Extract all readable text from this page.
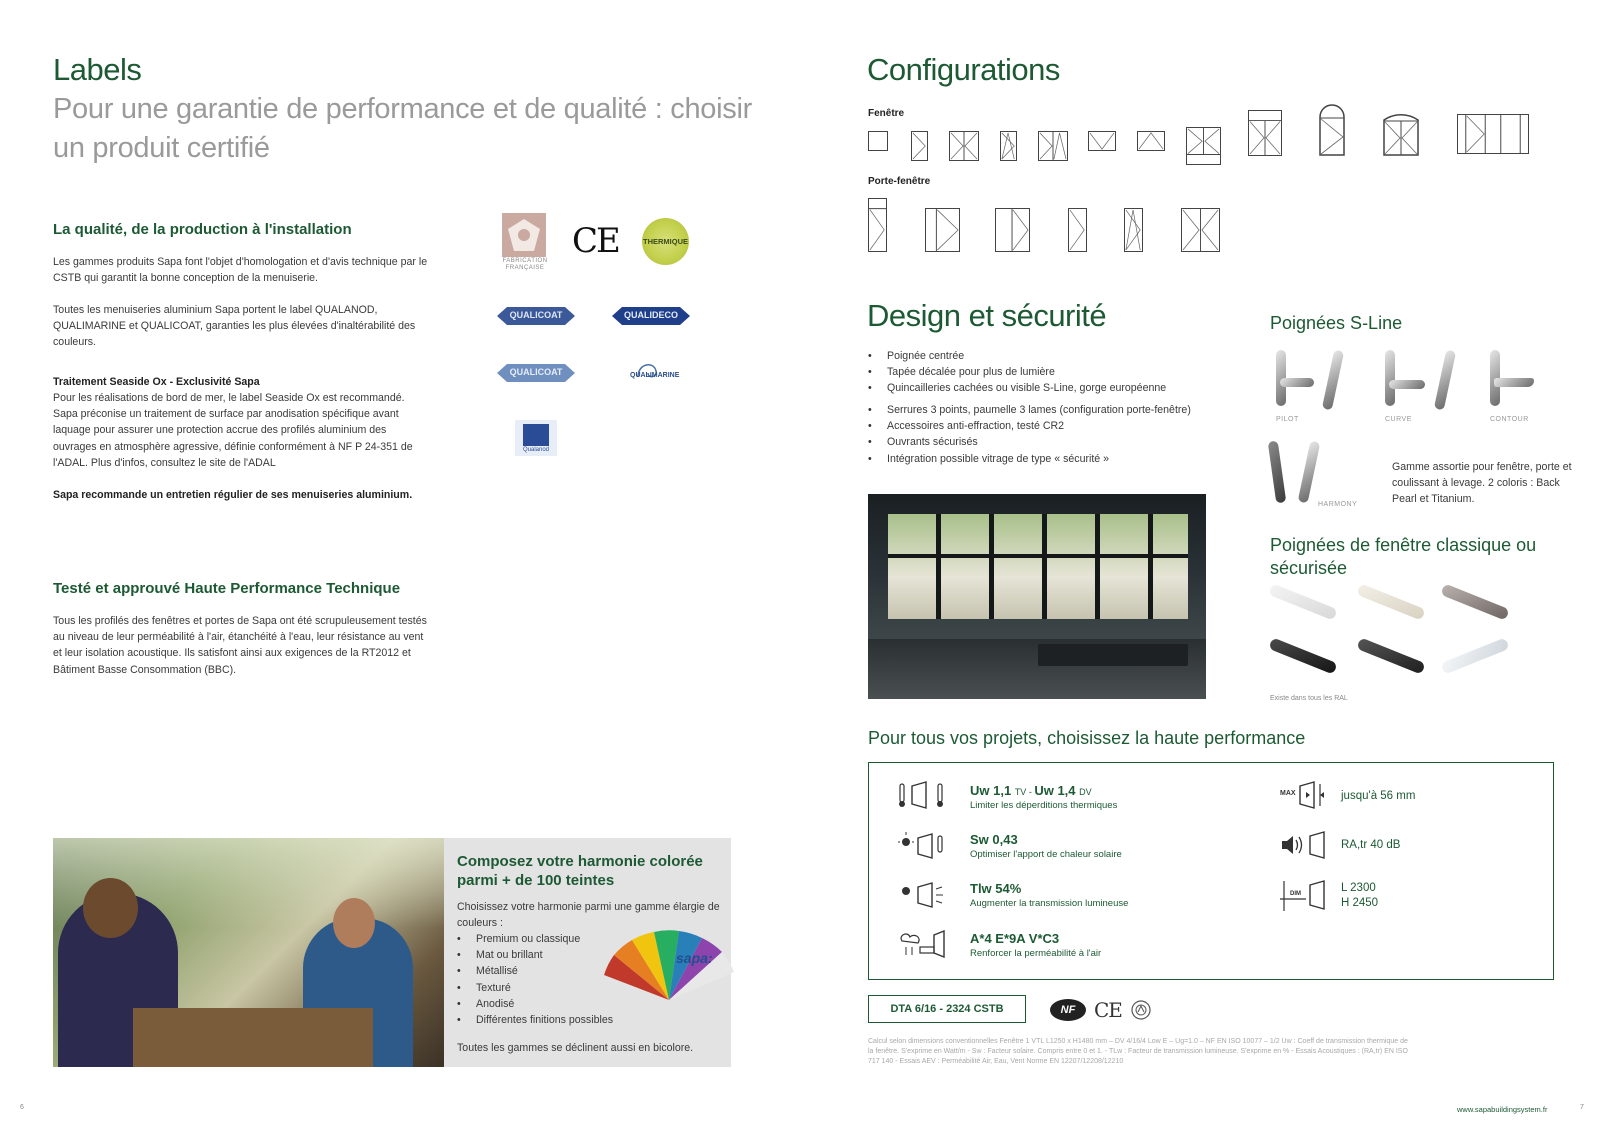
Labels

Pour une garantie de performance et de qualité : choisir un produit certifié

La qualité, de la production à l'installation

Les gammes produits Sapa font l'objet d'homologation et d'avis technique par le CSTB qui garantit la bonne conception de la menuiserie.

Toutes les menuiseries aluminium Sapa portent le label QUALANOD, QUALIMARINE et QUALICOAT, garanties les plus élevées d'inaltérabilité des couleurs.

Traitement Seaside Ox - Exclusivité Sapa

Pour les réalisations de bord de mer, le label Seaside Ox est recommandé. Sapa préconise un traitement de surface par anodisation spécifique avant laquage pour assurer une protection accrue des profilés aluminium des ouvrages en atmosphère agressive, définie conformément à NF P 24-351 de l'ADAL. Plus d'infos, consultez le site de l'ADAL

Sapa recommande un entretien régulier de ses menuiseries aluminium.

FABRICATION FRANÇAISE
CE	THERMIQUE
QUALICOAT	QUALIDECO
QUALICOAT	QUALIMARINE
Qualanod
Testé et approuvé Haute Performance Technique

Tous les profilés des fenêtres et portes de Sapa ont été scrupuleusement testés au niveau de leur perméabilité à l'air, étanchéité à l'eau, leur résistance au vent et leur isolation acoustique. Ils satisfont ainsi aux exigences de la RT2012 et Bâtiment Basse Consommation (BBC).

Composez votre harmonie colorée parmi + de 100 teintes

Choisissez votre harmonie parmi une gamme élargie de couleurs :

• Premium ou classique
• Mat ou brillant
• Métallisé
• Texturé
• Anodisé
• Différentes finitions possibles

Toutes les gammes se déclinent aussi en bicolore.

sapa:
6
Configurations
Fenêtre
Porte-fenêtre
Design et sécurité
• Poignée centrée
• Tapée décalée pour plus de lumière
• Quincailleries cachées ou visible S-Line, gorge européenne
• Serrures 3 points, paumelle 3 lames (configuration porte-fenêtre)
• Accessoires anti-effraction, testé CR2
• Ouvrants sécurisés
• Intégration possible vitrage de type « sécurité »
Poignées S-Line
PILOT	CURVE	CONTOUR
HARMONY

Gamme assortie pour fenêtre, porte et coulissant à levage. 2 coloris : Back Pearl et Titanium.

Poignées de fenêtre classique ou sécurisée
Existe dans tous les RAL
Pour tous vos projets, choisissez la haute performance
Uw 1,1 TV - Uw 1,4 DV
Limiter les déperditions thermiques
Sw 0,43
Optimiser l'apport de chaleur solaire
Tlw 54%
Augmenter la transmission lumineuse
A*4 E*9A V*C3
Renforcer la perméabilité à l'air
MAX	jusqu'à 56 mm
RA,tr 40 dB
DIM	L 2300
H 2450
DTA 6/16 - 2324 CSTB	NF CE

Calcul selon dimensions conventionnelles Fenêtre 1 VTL L1250 x H1480 mm – DV 4/16/4 Low E – Ug=1.0 – NF EN ISO 10077 – 1/2 Uw : Coeff de transmission thermique de la fenêtre. S'exprime en Watt/m - Sw : Facteur solaire. Compris entre 0 et 1. - TLw : Facteur de transmission lumineuse. S'exprime en % - Essais Acoustiques : (RA,tr) EN ISO 717 140 - Essais AEV : Perméabilité Air, Eau, Vent Norme EN 12207/12208/12210

www.sapabuildingsystem.fr	7
